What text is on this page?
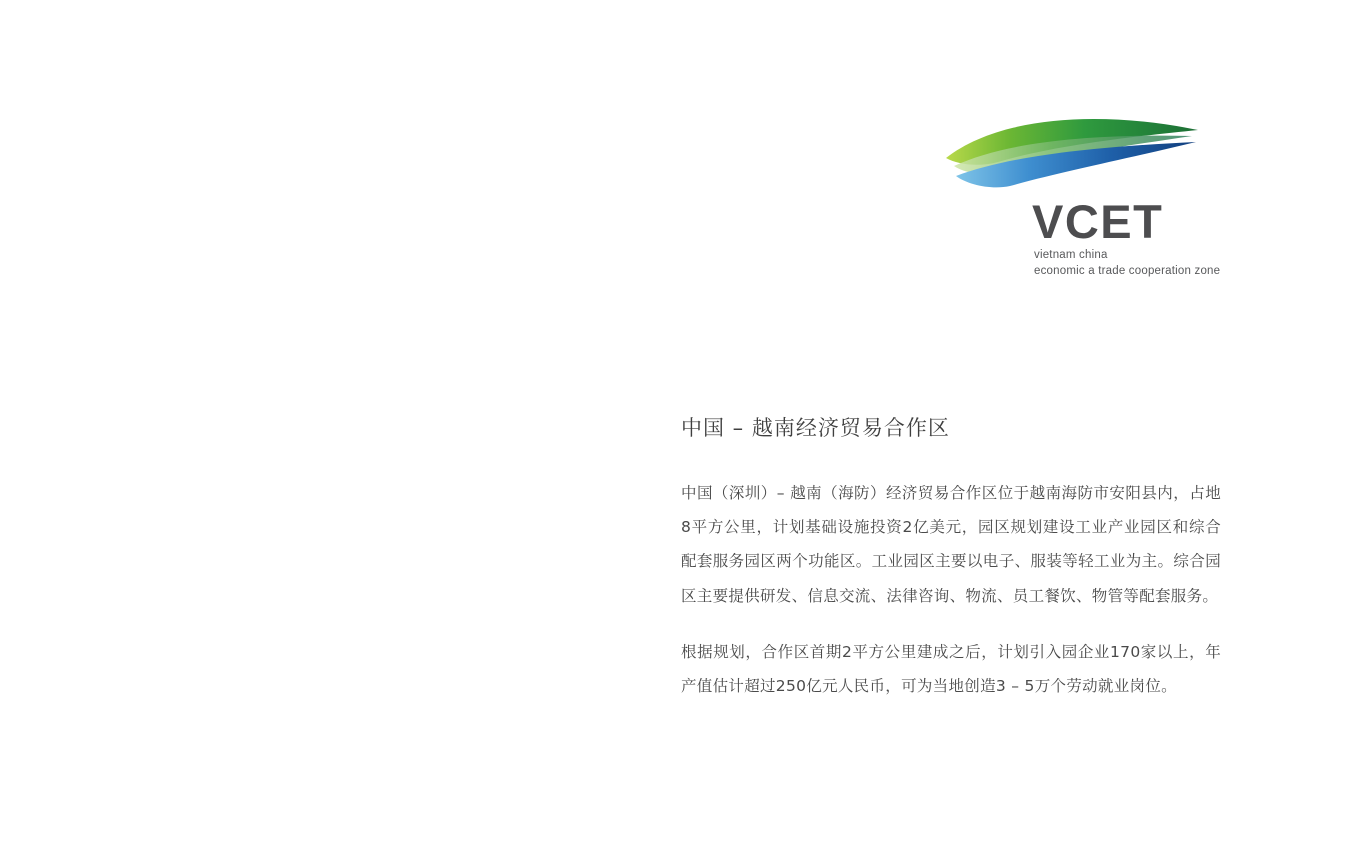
VCET
vietnam china
economic a trade cooperation zone
中国 – 越南经济贸易合作区

中国（深圳）– 越南（海防）经济贸易合作区位于越南海防市安阳县内，占地8平方公里，计划基础设施投资2亿美元，园区规划建设工业产业园区和综合配套服务园区两个功能区。工业园区主要以电子、服装等轻工业为主。综合园区主要提供研发、信息交流、法律咨询、物流、员工餐饮、物管等配套服务。

根据规划，合作区首期2平方公里建成之后，计划引入园企业170家以上，年产值估计超过250亿元人民币，可为当地创造3 – 5万个劳动就业岗位。
